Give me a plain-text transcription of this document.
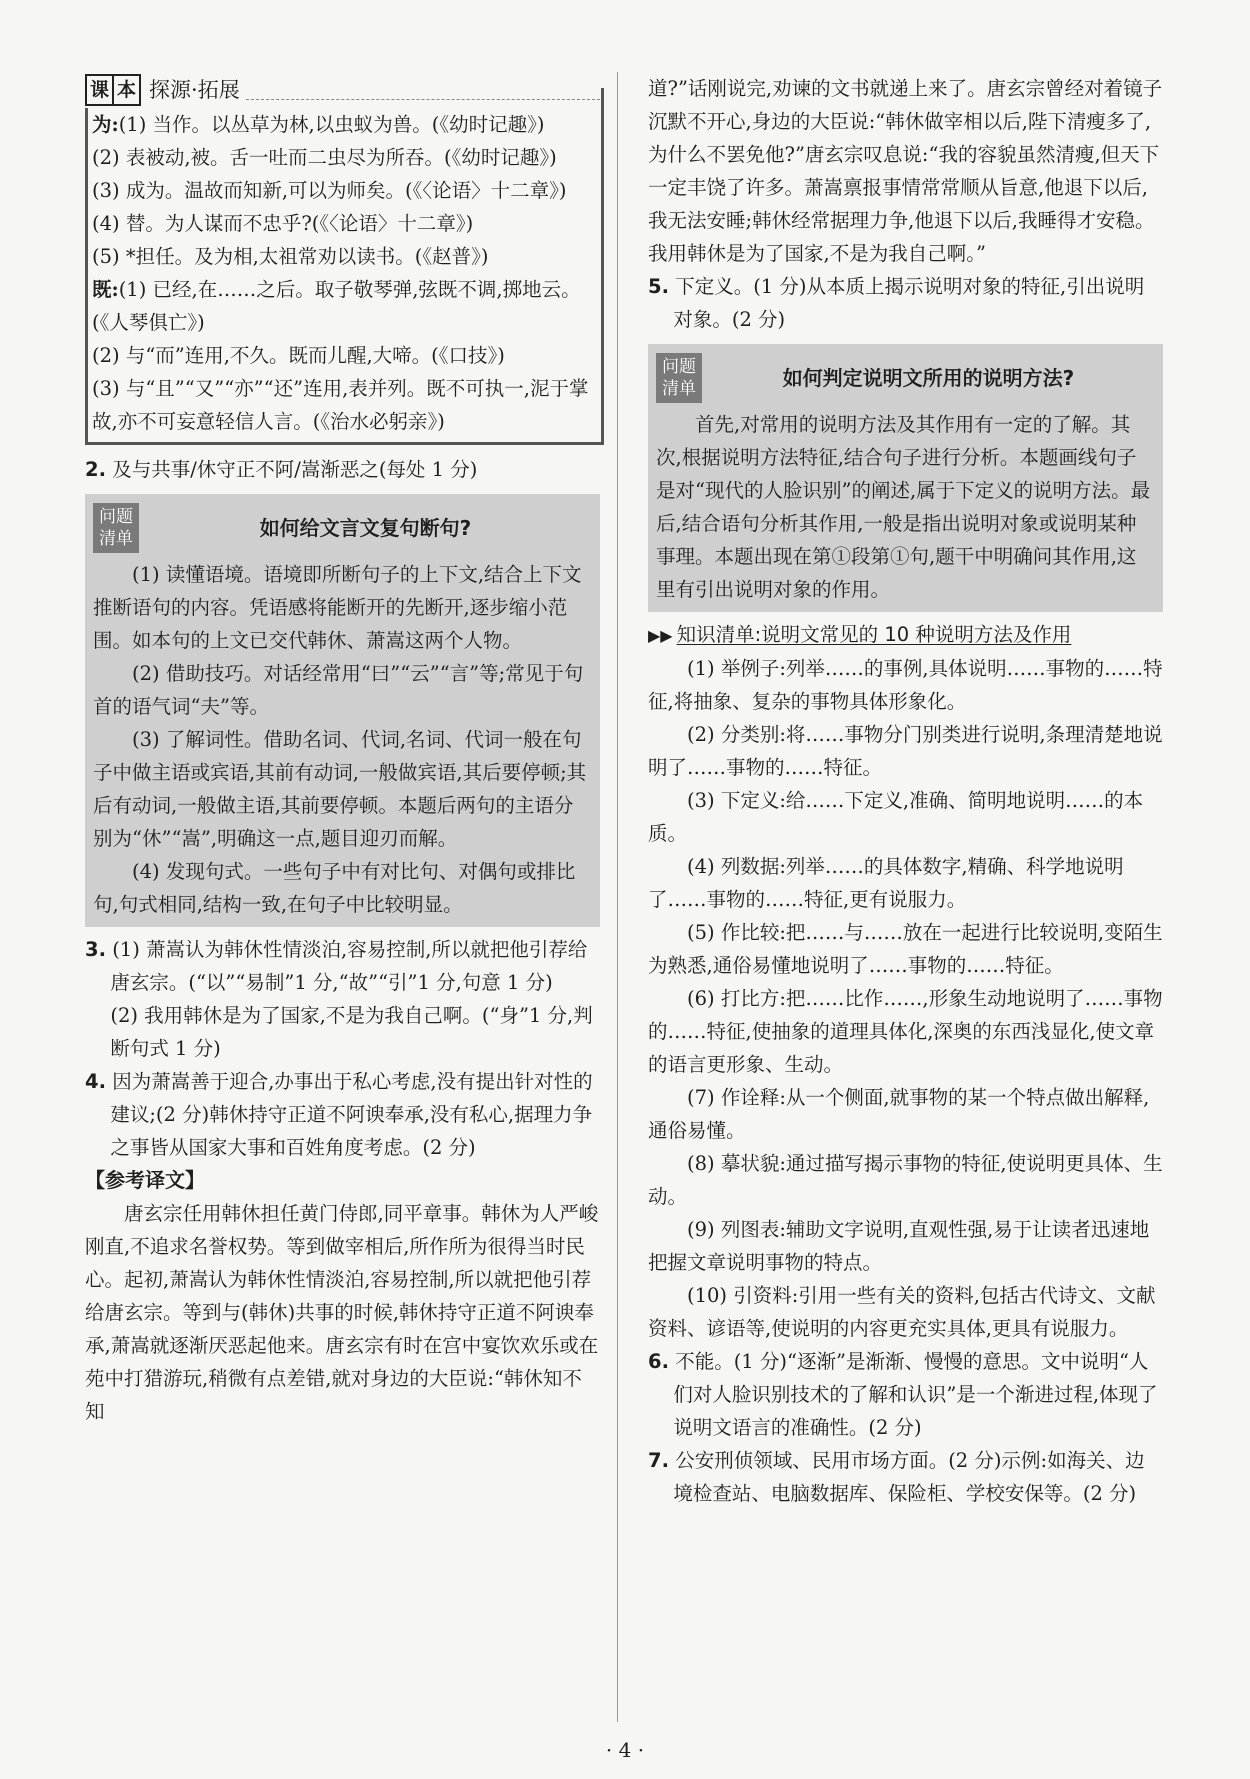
课 本 探源·拓展

为:(1) 当作。以丛草为林,以虫蚁为兽。(《幼时记趣》)

(2) 表被动,被。舌一吐而二虫尽为所吞。(《幼时记趣》)

(3) 成为。温故而知新,可以为师矣。(《〈论语〉十二章》)

(4) 替。为人谋而不忠乎?(《〈论语〉十二章》)

(5) *担任。及为相,太祖常劝以读书。(《赵普》)

既:(1) 已经,在……之后。取子敬琴弹,弦既不调,掷地云。(《人琴俱亡》)

(2) 与“而”连用,不久。既而儿醒,大啼。(《口技》)

(3) 与“且”“又”“亦”“还”连用,表并列。既不可执一,泥于掌故,亦不可妄意轻信人言。(《治水必躬亲》)

2. 及与共事/休守正不阿/嵩渐恶之(每处 1 分)

问题
清单	如何给文言文复句断句?

(1) 读懂语境。语境即所断句子的上下文,结合上下文推断语句的内容。凭语感将能断开的先断开,逐步缩小范围。如本句的上文已交代韩休、萧嵩这两个人物。

(2) 借助技巧。对话经常用“曰”“云”“言”等;常见于句首的语气词“夫”等。

(3) 了解词性。借助名词、代词,名词、代词一般在句子中做主语或宾语,其前有动词,一般做宾语,其后要停顿;其后有动词,一般做主语,其前要停顿。本题后两句的主语分别为“休”“嵩”,明确这一点,题目迎刃而解。

(4) 发现句式。一些句子中有对比句、对偶句或排比句,句式相同,结构一致,在句子中比较明显。

3. (1) 萧嵩认为韩休性情淡泊,容易控制,所以就把他引荐给唐玄宗。(“以”“易制”1 分,“故”“引”1 分,句意 1 分)

(2) 我用韩休是为了国家,不是为我自己啊。(“身”1 分,判断句式 1 分)

4. 因为萧嵩善于迎合,办事出于私心考虑,没有提出针对性的建议;(2 分)韩休持守正道不阿谀奉承,没有私心,据理力争之事皆从国家大事和百姓角度考虑。(2 分)

【参考译文】

唐玄宗任用韩休担任黄门侍郎,同平章事。韩休为人严峻刚直,不追求名誉权势。等到做宰相后,所作所为很得当时民心。起初,萧嵩认为韩休性情淡泊,容易控制,所以就把他引荐给唐玄宗。等到与(韩休)共事的时候,韩休持守正道不阿谀奉承,萧嵩就逐渐厌恶起他来。唐玄宗有时在宫中宴饮欢乐或在苑中打猎游玩,稍微有点差错,就对身边的大臣说:“韩休知不知

道?”话刚说完,劝谏的文书就递上来了。唐玄宗曾经对着镜子沉默不开心,身边的大臣说:“韩休做宰相以后,陛下清瘦多了,为什么不罢免他?”唐玄宗叹息说:“我的容貌虽然清瘦,但天下一定丰饶了许多。萧嵩禀报事情常常顺从旨意,他退下以后,我无法安睡;韩休经常据理力争,他退下以后,我睡得才安稳。我用韩休是为了国家,不是为我自己啊。”

5. 下定义。(1 分)从本质上揭示说明对象的特征,引出说明对象。(2 分)

问题
清单	如何判定说明文所用的说明方法?

首先,对常用的说明方法及其作用有一定的了解。其次,根据说明方法特征,结合句子进行分析。本题画线句子是对“现代的人脸识别”的阐述,属于下定义的说明方法。最后,结合语句分析其作用,一般是指出说明对象或说明某种事理。本题出现在第①段第①句,题干中明确问其作用,这里有引出说明对象的作用。

▶▶ 知识清单:说明文常见的 10 种说明方法及作用

(1) 举例子:列举……的事例,具体说明……事物的……特征,将抽象、复杂的事物具体形象化。

(2) 分类别:将……事物分门别类进行说明,条理清楚地说明了……事物的……特征。

(3) 下定义:给……下定义,准确、简明地说明……的本质。

(4) 列数据:列举……的具体数字,精确、科学地说明了……事物的……特征,更有说服力。

(5) 作比较:把……与……放在一起进行比较说明,变陌生为熟悉,通俗易懂地说明了……事物的……特征。

(6) 打比方:把……比作……,形象生动地说明了……事物的……特征,使抽象的道理具体化,深奥的东西浅显化,使文章的语言更形象、生动。

(7) 作诠释:从一个侧面,就事物的某一个特点做出解释,通俗易懂。

(8) 摹状貌:通过描写揭示事物的特征,使说明更具体、生动。

(9) 列图表:辅助文字说明,直观性强,易于让读者迅速地把握文章说明事物的特点。

(10) 引资料:引用一些有关的资料,包括古代诗文、文献资料、谚语等,使说明的内容更充实具体,更具有说服力。

6. 不能。(1 分)“逐渐”是渐渐、慢慢的意思。文中说明“人们对人脸识别技术的了解和认识”是一个渐进过程,体现了说明文语言的准确性。(2 分)

7. 公安刑侦领域、民用市场方面。(2 分)示例:如海关、边境检查站、电脑数据库、保险柜、学校安保等。(2 分)

· 4 ·
